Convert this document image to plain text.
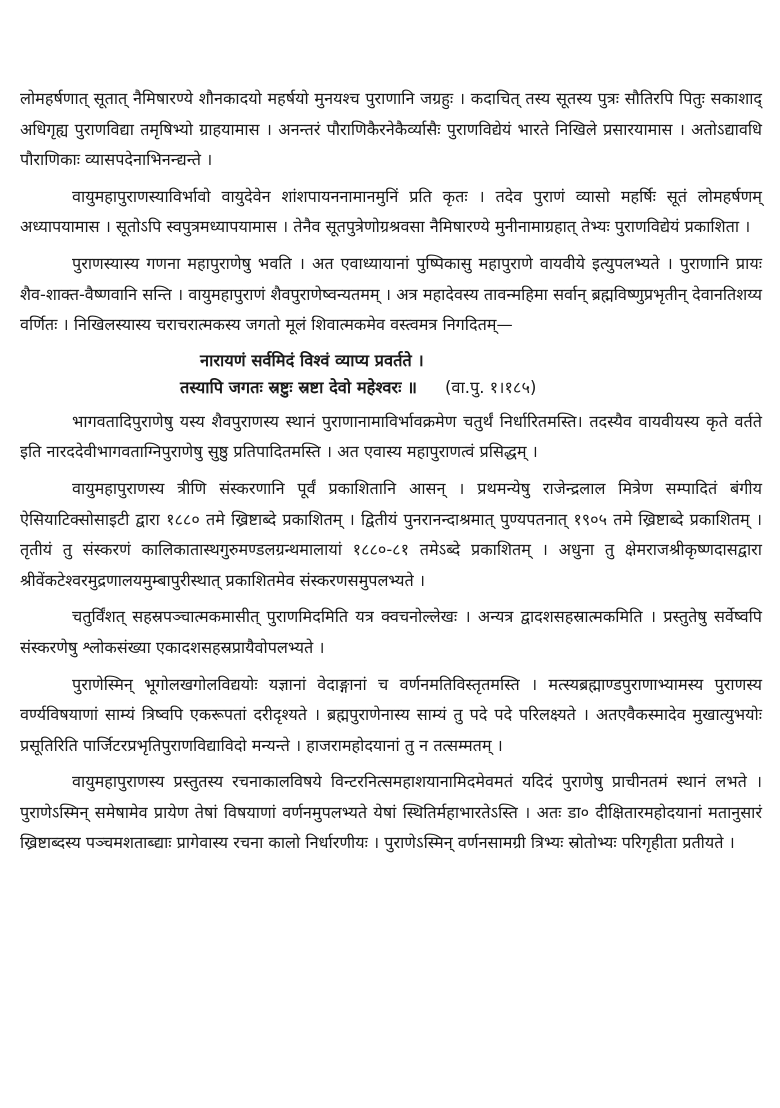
लोमहर्षणात् सूतात् नैमिषारण्ये शौनकादयो महर्षयो मुनयश्च पुराणानि जग्रहुः । कदाचित् तस्य सूतस्य पुत्रः सौतिरपि पितुः सकाशाद् अधिगृह्य पुराणविद्या तमृषिभ्यो ग्राहयामास । अनन्तरं पौराणिकैरनेकैर्व्यासैः पुराणविद्येयं भारते निखिले प्रसारयामास । अतोऽद्यावधि पौराणिकाः व्यासपदेनाभिनन्द्यन्ते ।

वायुमहापुराणस्याविर्भावो वायुदेवेन शांशपायननामानमुनिं प्रति कृतः । तदेव पुराणं व्यासो महर्षिः सूतं लोमहर्षणम् अध्यापयामास । सूतोऽपि स्वपुत्रमध्यापयामास । तेनैव सूतपुत्रेणोग्रश्रवसा नैमिषारण्ये मुनीनामाग्रहात् तेभ्यः पुराणविद्येयं प्रकाशिता ।

पुराणस्यास्य गणना महापुराणेषु भवति । अत एवाध्यायानां पुष्पिकासु महापुराणे वायवीये इत्युपलभ्यते । पुराणानि प्रायः शैव-शाक्त-वैष्णवानि सन्ति । वायुमहापुराणं शैवपुराणेष्वन्यतमम् । अत्र महादेवस्य तावन्महिमा सर्वान् ब्रह्मविष्णुप्रभृतीन् देवानतिशय्य वर्णितः । निखिलस्यास्य चराचरात्मकस्य जगतो मूलं शिवात्मकमेव वस्त्वमत्र निगदितम्—

नारायणं सर्वमिदं विश्वं व्याप्य प्रवर्तते ।
तस्यापि जगतः स्रष्टुः स्रष्टा देवो महेश्वरः ॥ (वा.पु. १।१८५)

भागवतादिपुराणेषु यस्य शैवपुराणस्य स्थानं पुराणानामाविर्भावक्रमेण चतुर्थं निर्धारितमस्ति। तदस्यैव वायवीयस्य कृते वर्तते इति नारददेवीभागवताग्निपुराणेषु सुष्ठु प्रतिपादितमस्ति । अत एवास्य महापुराणत्वं प्रसिद्धम् ।

वायुमहापुराणस्य त्रीणि संस्करणानि पूर्वं प्रकाशितानि आसन् । प्रथमन्येषु राजेन्द्रलाल मित्रेण सम्पादितं बंगीय ऐसियाटिक्सोसाइटी द्वारा १८८० तमे ख्रिष्टाब्दे प्रकाशितम् । द्वितीयं पुनरानन्दाश्रमात् पुण्यपतनात् १९०५ तमे ख्रिष्टाब्दे प्रकाशितम् । तृतीयं तु संस्करणं कालिकातास्थगुरुमण्डलग्रन्थमालायां १८८०-८१ तमेऽब्दे प्रकाशितम् । अधुना तु क्षेमराजश्रीकृष्णदासद्वारा श्रीवेंकटेश्वरमुद्रणालयमुम्बापुरीस्थात् प्रकाशितमेव संस्करणसमुपलभ्यते ।

चतुर्विंशत् सहस्रपञ्चात्मकमासीत् पुराणमिदमिति यत्र क्वचनोल्लेखः । अन्यत्र द्वादशसहस्रात्मकमिति । प्रस्तुतेषु सर्वेष्वपि संस्करणेषु श्लोकसंख्या एकादशसहस्रप्रायैवोपलभ्यते ।

पुराणेस्मिन् भूगोलखगोलविद्ययोः यज्ञानां वेदाङ्गानां च वर्णनमतिविस्तृतमस्ति । मत्स्यब्रह्माण्डपुराणाभ्यामस्य पुराणस्य वर्ण्यविषयाणां साम्यं त्रिष्वपि एकरूपतां दरीदृश्यते । ब्रह्मपुराणेनास्य साम्यं तु पदे पदे परिलक्ष्यते । अतएवैकस्मादेव मुखात्युभयोः प्रसूतिरिति पार्जिटरप्रभृतिपुराणविद्याविदो मन्यन्ते । हाजरामहोदयानां तु न तत्सम्मतम् ।

वायुमहापुराणस्य प्रस्तुतस्य रचनाकालविषये विन्टरनित्समहाशयानामिदमेवमतं यदिदं पुराणेषु प्राचीनतमं स्थानं लभते । पुराणेऽस्मिन् समेषामेव प्रायेण तेषां विषयाणां वर्णनमुपलभ्यते येषां स्थितिर्महाभारतेऽस्ति । अतः डा० दीक्षितारमहोदयानां मतानुसारं ख्रिष्टाब्दस्य पञ्चमशताब्द्याः प्रागेवास्य रचना कालो निर्धारणीयः । पुराणेऽस्मिन् वर्णनसामग्री त्रिभ्यः स्रोतोभ्यः परिगृहीता प्रतीयते ।
